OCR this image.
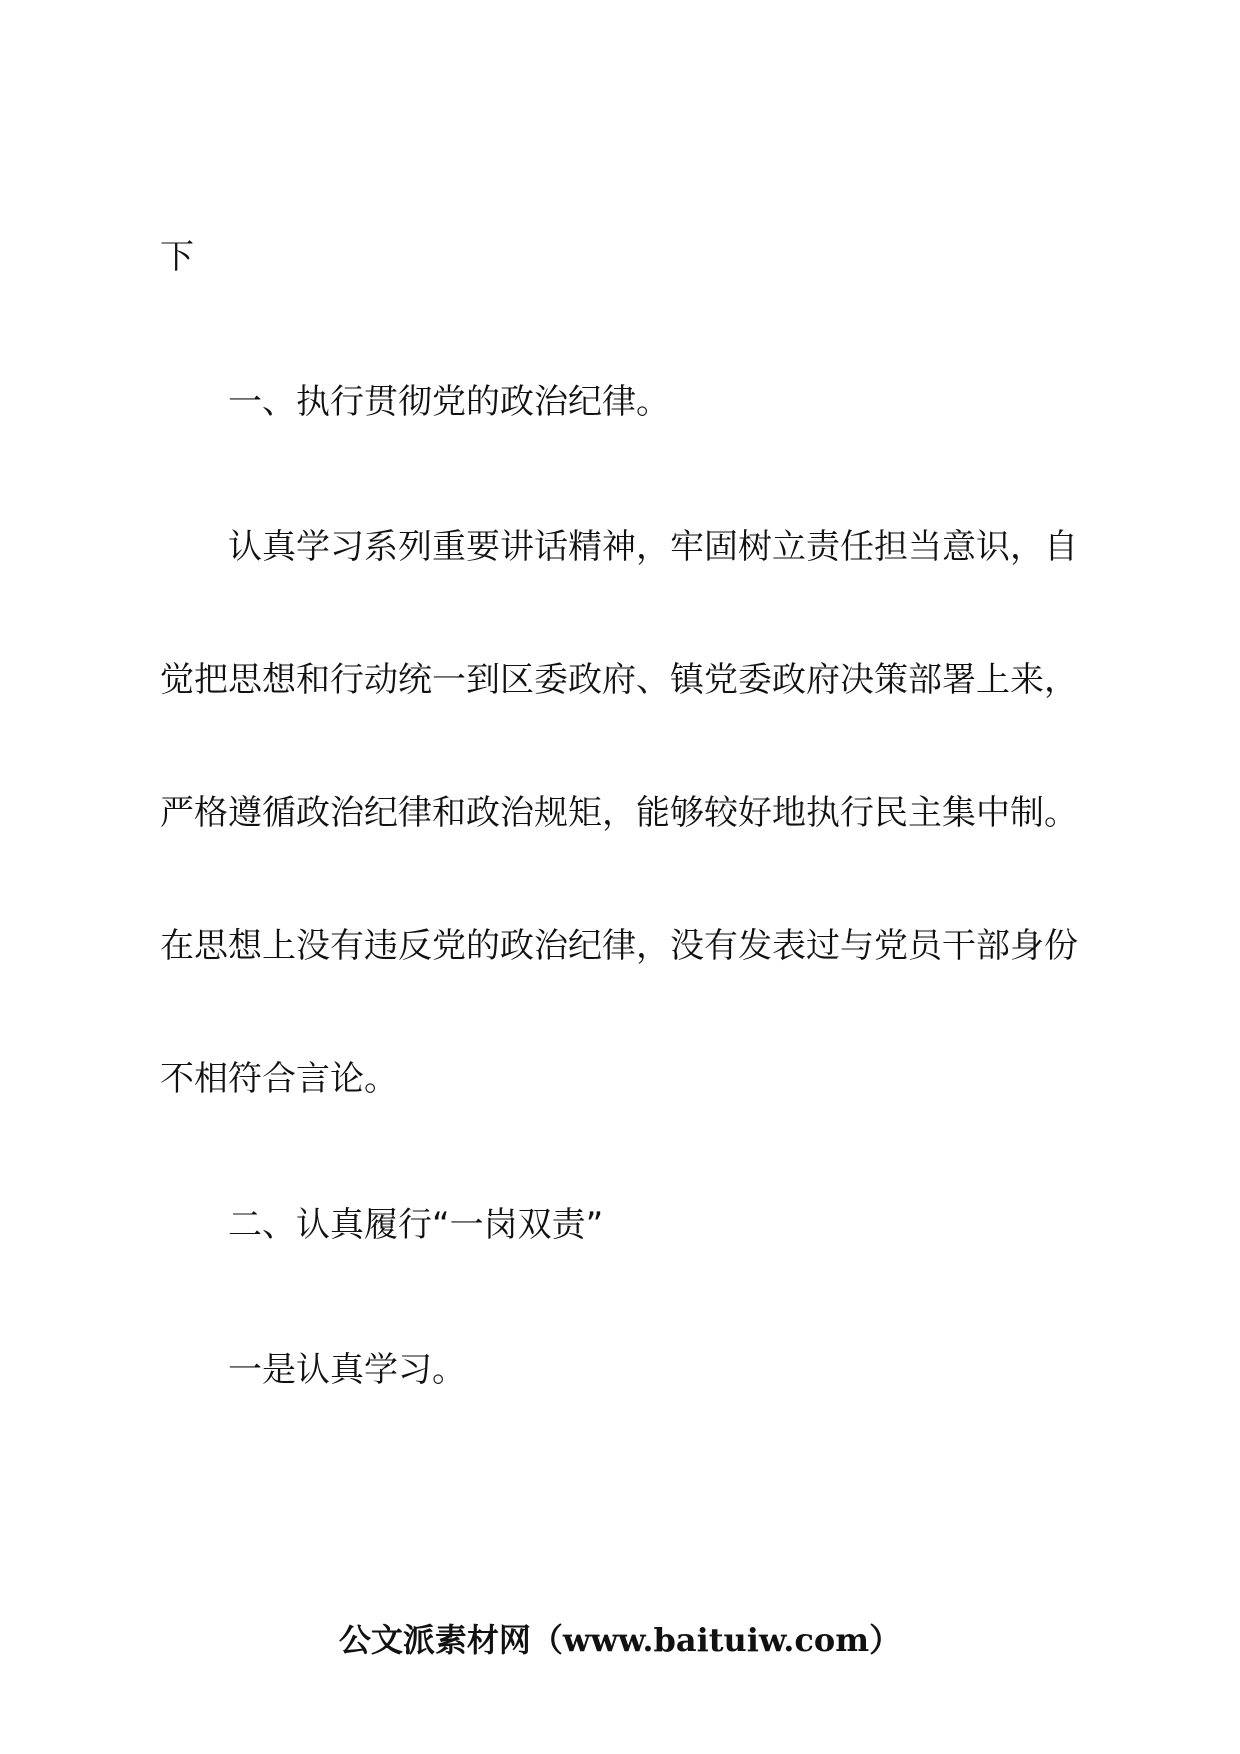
下
一、执行贯彻党的政治纪律。
认真学习系列重要讲话精神，牢固树立责任担当意识，自
觉把思想和行动统一到区委政府、镇党委政府决策部署上来，
严格遵循政治纪律和政治规矩，能够较好地执行民主集中制。
在思想上没有违反党的政治纪律，没有发表过与党员干部身份
不相符合言论。
二、认真履行“一岗双责”
一是认真学习。
公文派素材网（www.baituiw.com）
